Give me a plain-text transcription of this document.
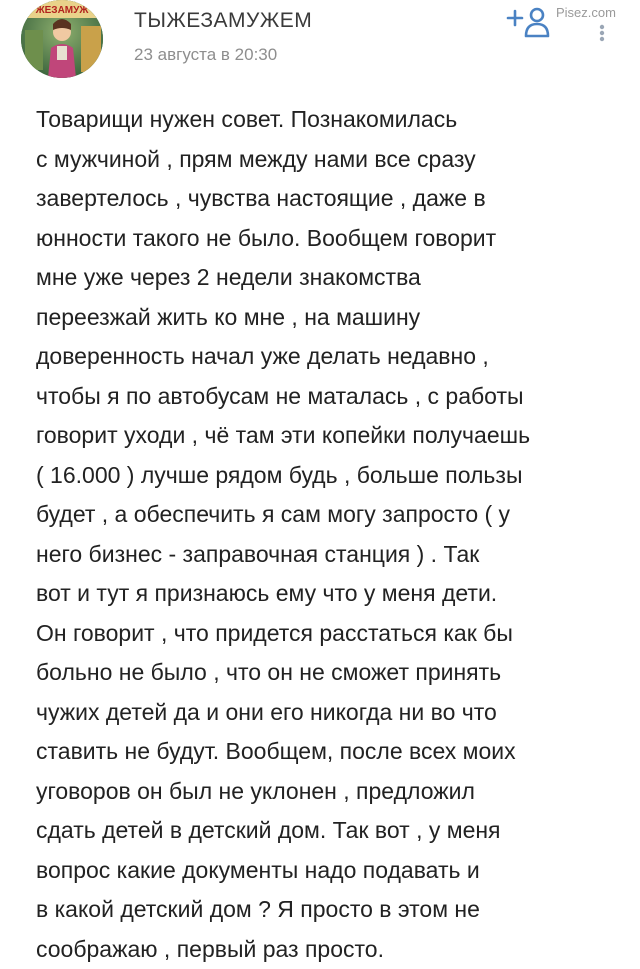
ЖЕЗАМУЖ ТЫЖЕЗАМУЖЕМ
23 августа в 20:30
Pisez.com
Товарищи нужен совет. Познакомилась
с мужчиной , прям между нами все сразу
завертелось , чувства настоящие , даже в
юнности такого не было. Вообщем говорит
мне уже через 2 недели знакомства
переезжай жить ко мне , на машину
доверенность начал уже делать недавно ,
чтобы я по автобусам не маталась , с работы
говорит уходи , чё там эти копейки получаешь
( 16.000 ) лучше рядом будь , больше пользы
будет , а обеспечить я сам могу запросто ( у
него бизнес - заправочная станция ) . Так
вот и тут я признаюсь ему что у меня дети.
Он говорит , что придется расстаться как бы
больно не было , что он не сможет принять
чужих детей да и они его никогда ни во что
ставить не будут. Вообщем, после всех моих
уговоров он был не уклонен , предложил
сдать детей в детский дом. Так вот , у меня
вопрос какие документы надо подавать и
в какой детский дом ? Я просто в этом не
соображаю , первый раз просто.
